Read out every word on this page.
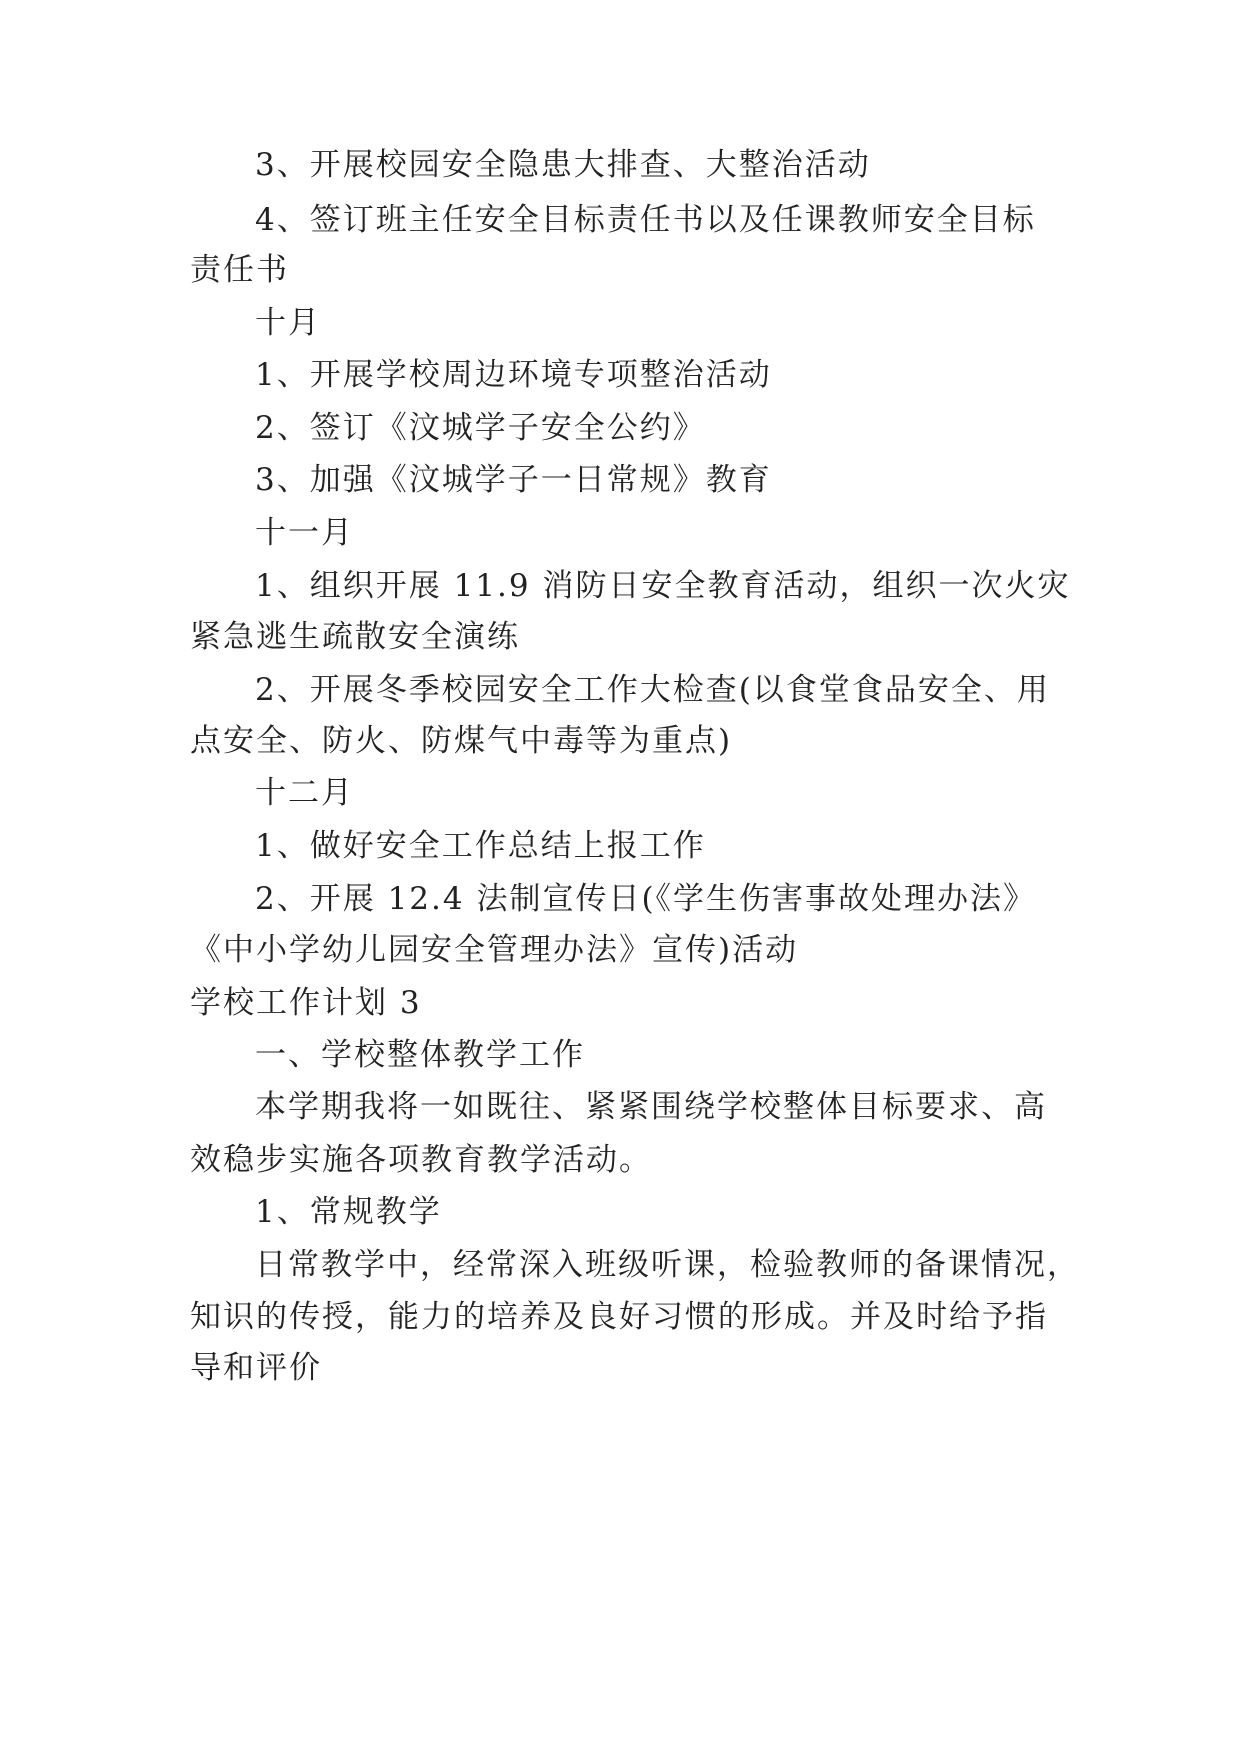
3、开展校园安全隐患大排查、大整治活动
4、签订班主任安全目标责任书以及任课教师安全目标
责任书
十月
1、开展学校周边环境专项整治活动
2、签订《汶城学子安全公约》
3、加强《汶城学子一日常规》教育
十一月
1、组织开展 11.9 消防日安全教育活动，组织一次火灾
紧急逃生疏散安全演练
2、开展冬季校园安全工作大检查(以食堂食品安全、用
点安全、防火、防煤气中毒等为重点)
十二月
1、做好安全工作总结上报工作
2、开展 12.4 法制宣传日(《学生伤害事故处理办法》
《中小学幼儿园安全管理办法》宣传)活动
学校工作计划 3
一、学校整体教学工作
本学期我将一如既往、紧紧围绕学校整体目标要求、高
效稳步实施各项教育教学活动。
1、常规教学
日常教学中，经常深入班级听课，检验教师的备课情况，
知识的传授，能力的培养及良好习惯的形成。并及时给予指
导和评价
